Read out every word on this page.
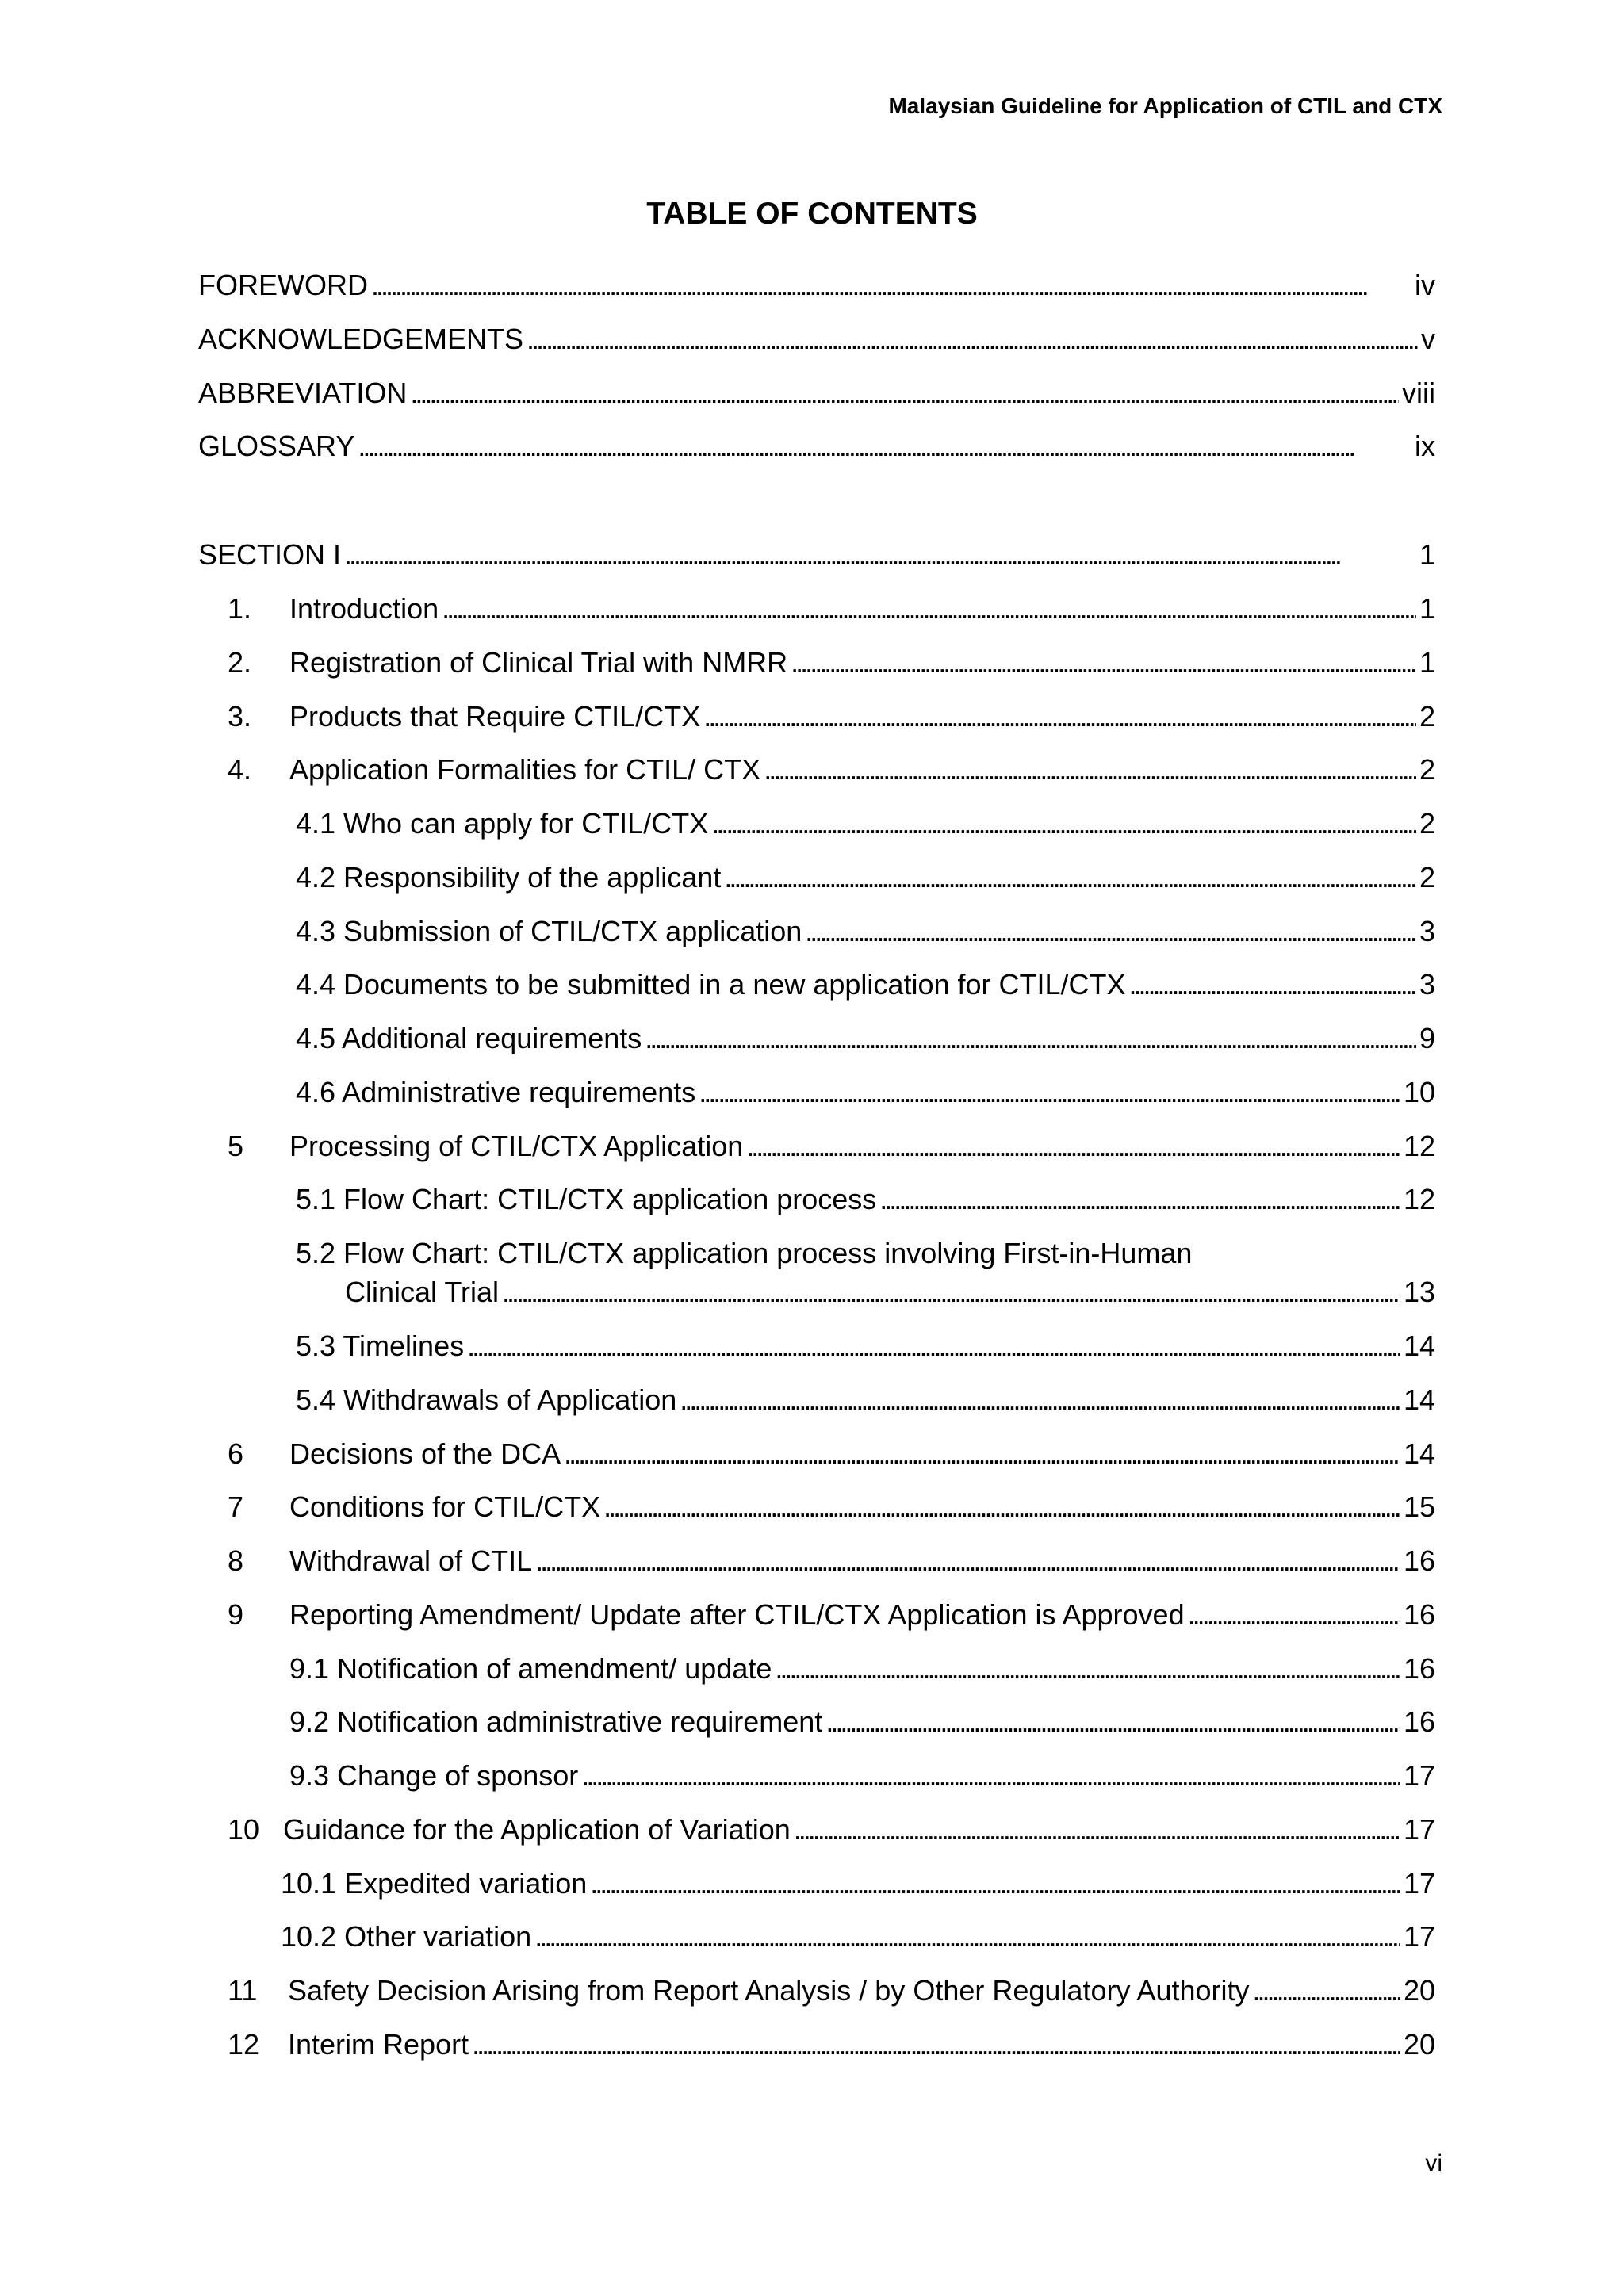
Malaysian Guideline for Application of CTIL and CTX
TABLE OF CONTENTS
FOREWORD . . .	iv
ACKNOWLEDGEMENTS . . .	v
ABBREVIATION . . .	viii
GLOSSARY . . .	ix
SECTION I . . .	1
1.	Introduction . . .	1
2.	Registration of Clinical Trial with NMRR . . .	1
3.	Products that Require CTIL/CTX . . .	2
4.	Application Formalities for CTIL/ CTX . . .	2
4.1 Who can apply for CTIL/CTX . . .	2
4.2 Responsibility of the applicant . . .	2
4.3 Submission of CTIL/CTX application . . .	3
4.4 Documents to be submitted in a new application for CTIL/CTX . . .	3
4.5 Additional requirements . . .	9
4.6 Administrative requirements . . .	10
5	Processing of CTIL/CTX Application . . .	12
5.1 Flow Chart: CTIL/CTX application process . . .	12
5.2 Flow Chart: CTIL/CTX application process involving First-in-Human
Clinical Trial . . .	13
5.3 Timelines . . .	14
5.4 Withdrawals of Application . . .	14
6	Decisions of the DCA . . .	14
7	Conditions for CTIL/CTX . . .	15
8	Withdrawal of CTIL . . .	16
9	Reporting Amendment/ Update after CTIL/CTX Application is Approved . . .	16
9.1 Notification of amendment/ update . . .	16
9.2 Notification administrative requirement . . .	16
9.3 Change of sponsor . . .	17
10 Guidance for the Application of Variation . . .	17
10.1 Expedited variation . . .	17
10.2 Other variation . . .	17
11	Safety Decision Arising from Report Analysis / by Other Regulatory Authority . . .	20
12 Interim Report . . .	20
vi
